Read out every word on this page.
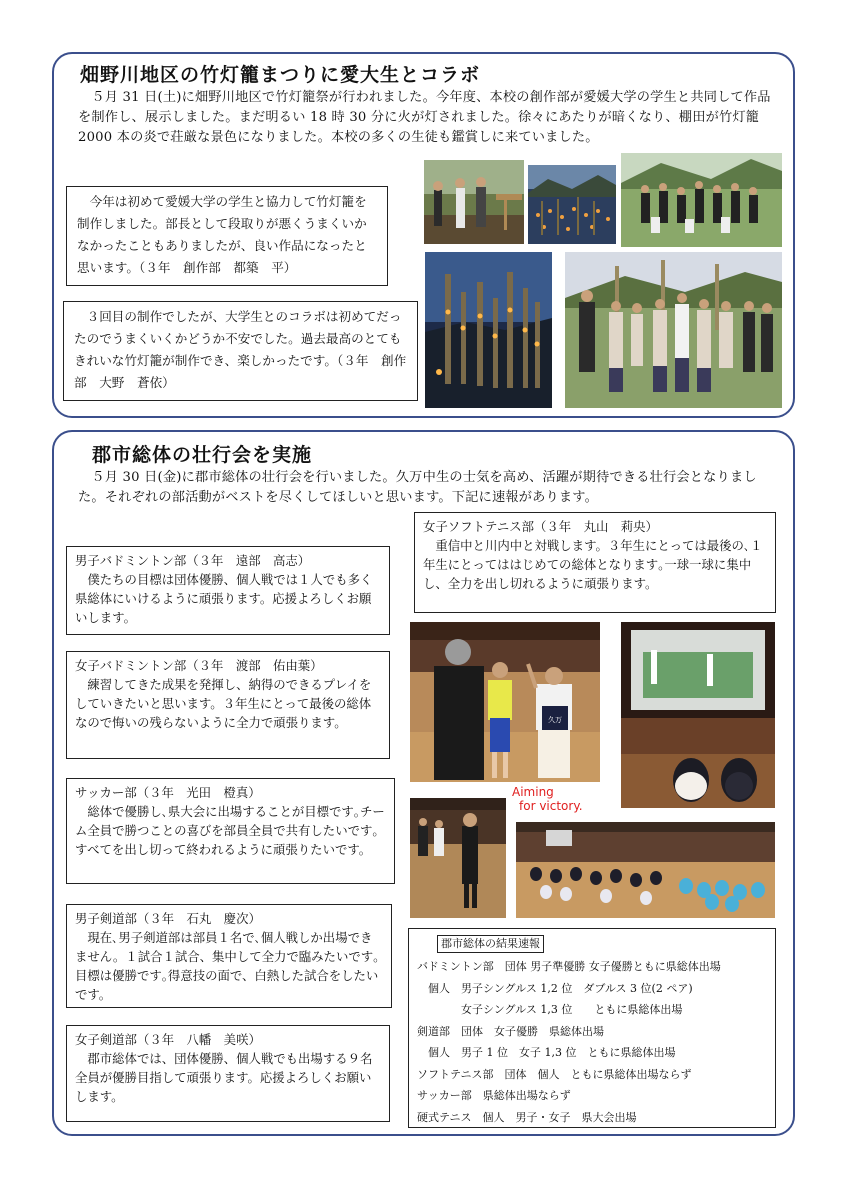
畑野川地区の竹灯籠まつりに愛大生とコラボ
　５月 31 日(土)に畑野川地区で竹灯籠祭が行われました。今年度、本校の創作部が愛媛大学の学生と共同して作品を制作し、展示しました。まだ明るい 18 時 30 分に火が灯されました。徐々にあたりが暗くなり、棚田が竹灯籠 2000 本の炎で荘厳な景色になりました。本校の多くの生徒も鑑賞しに来ていました。
　今年は初めて愛媛大学の学生と協力して竹灯籠を制作しました。部長として段取りが悪くうまくいかなかったこともありましたが、良い作品になったと思います。（３年　創作部　都築　平）
　３回目の制作でしたが、大学生とのコラボは初めてだったのでうまくいくかどうか不安でした。過去最高のとてもきれいな竹灯籠が制作でき、楽しかったです。（３年　創作部　大野　蒼依）
郡市総体の壮行会を実施
　５月 30 日(金)に郡市総体の壮行会を行いました。久万中生の士気を高め、活躍が期待できる壮行会となりました。それぞれの部活動がベストを尽くしてほしいと思います。下記に速報があります。
男子バドミントン部（３年　遠部　高志）
僕たちの目標は団体優勝、個人戦では１人でも多く県総体にいけるように頑張ります。応援よろしくお願いします。
女子バドミントン部（３年　渡部　佑由葉）
練習してきた成果を発揮し、納得のできるプレイをしていきたいと思います。３年生にとって最後の総体なので悔いの残らないように全力で頑張ります。
サッカー部（３年　光田　橙真）
総体で優勝し､県大会に出場することが目標です｡チーム全員で勝つことの喜びを部員全員で共有したいです｡すべてを出し切って終われるように頑張りたいです。
男子剣道部（３年　石丸　慶次）
現在､男子剣道部は部員１名で､個人戦しか出場できません。１試合１試合、集中して全力で臨みたいです｡目標は優勝です｡得意技の面で、白熱した試合をしたいです。
女子剣道部（３年　八幡　美咲）
郡市総体では、団体優勝、個人戦でも出場する９名全員が優勝目指して頑張ります。応援よろしくお願いします。
女子ソフトテニス部（３年　丸山　莉央）
重信中と川内中と対戦します。３年生にとっては最後の､１年生にとってははじめての総体となります｡一球一球に集中し、全力を出し切れるように頑張ります。
久万
Aiming
for victory.
郡市総体の結果速報
バドミントン部　団体 男子準優勝 女子優勝ともに県総体出場
　個人　男子シングルス 1,2 位　ダブルス 3 位(2 ペア)
　　　　女子シングルス 1,3 位　　ともに県総体出場
剣道部　団体　女子優勝　県総体出場
　個人　男子 1 位　女子 1,3 位　ともに県総体出場
ソフトテニス部　団体　個人　ともに県総体出場ならず
サッカー部　県総体出場ならず
硬式テニス　個人　男子・女子　県大会出場
